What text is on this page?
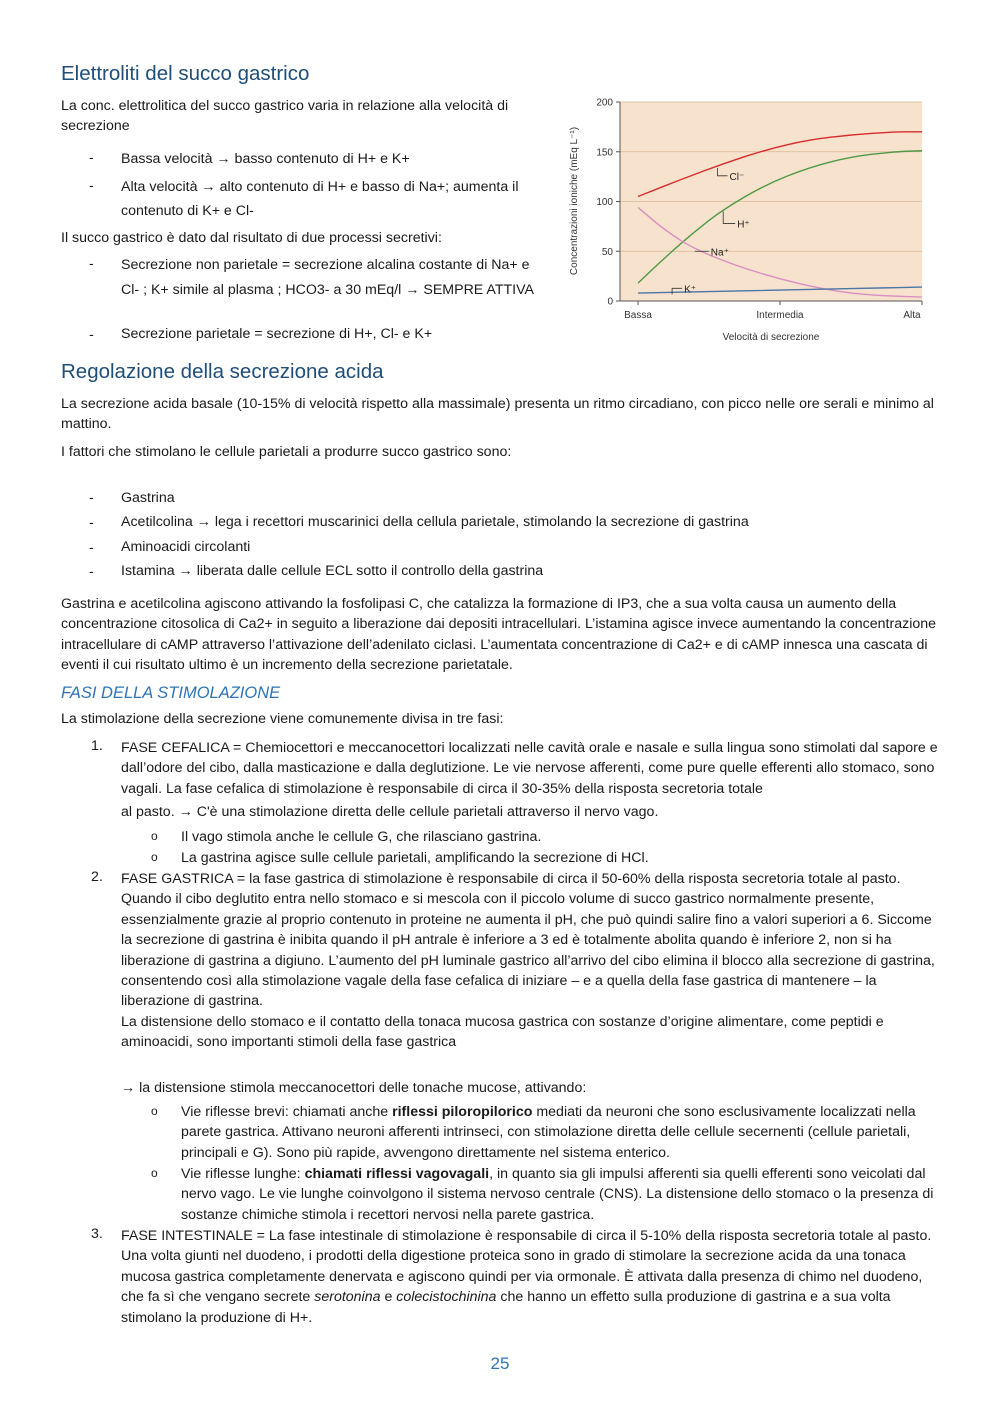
Elettroliti del succo gastrico

La conc. elettrolitica del succo gastrico varia in relazione alla velocità di secrezione

- Bassa velocità → basso contenuto di H+ e K+

- Alta velocità → alto contenuto di H+ e basso di Na+; aumenta il contenuto di K+ e Cl-

Il succo gastrico è dato dal risultato di due processi secretivi:

- Secrezione non parietale = secrezione alcalina costante di Na+ e Cl- ; K+ simile al plasma ; HCO3- a 30 mEq/l → SEMPRE ATTIVA

- Secrezione parietale = secrezione di H+, Cl- e K+

Regolazione della secrezione acida

La secrezione acida basale (10-15% di velocità rispetto alla massimale) presenta un ritmo circadiano, con picco nelle ore serali e minimo al mattino.

I fattori che stimolano le cellule parietali a produrre succo gastrico sono:

- Gastrina

- Acetilcolina → lega i recettori muscarinici della cellula parietale, stimolando la secrezione di gastrina

- Aminoacidi circolanti

- Istamina → liberata dalle cellule ECL sotto il controllo della gastrina

Gastrina e acetilcolina agiscono attivando la fosfolipasi C, che catalizza la formazione di IP3, che a sua volta causa un aumento della concentrazione citosolica di Ca2+ in seguito a liberazione dai depositi intracellulari. L’istamina agisce invece aumentando la concentrazione intracellulare di cAMP attraverso l’attivazione dell’adenilato ciclasi. L’aumentata concentrazione di Ca2+ e di cAMP innesca una cascata di eventi il cui risultato ultimo è un incremento della secrezione parietatale.

FASI DELLA STIMOLAZIONE

La stimolazione della secrezione viene comunemente divisa in tre fasi:

1. FASE CEFALICA = Chemiocettori e meccanocettori localizzati nelle cavità orale e nasale e sulla lingua sono stimolati dal sapore e dall’odore del cibo, dalla masticazione e dalla deglutizione. Le vie nervose afferenti, come pure quelle efferenti allo stomaco, sono vagali. La fase cefalica di stimolazione è responsabile di circa il 30-35% della risposta secretoria totale

al pasto. → C'è una stimolazione diretta delle cellule parietali attraverso il nervo vago.

o Il vago stimola anche le cellule G, che rilasciano gastrina.

o La gastrina agisce sulle cellule parietali, amplificando la secrezione di HCl.

2. FASE GASTRICA = la fase gastrica di stimolazione è responsabile di circa il 50-60% della risposta secretoria totale al pasto. Quando il cibo deglutito entra nello stomaco e si mescola con il piccolo volume di succo gastrico normalmente presente, essenzialmente grazie al proprio contenuto in proteine ne aumenta il pH, che può quindi salire fino a valori superiori a 6. Siccome la secrezione di gastrina è inibita quando il pH antrale è inferiore a 3 ed è totalmente abolita quando è inferiore 2, non si ha liberazione di gastrina a digiuno. L’aumento del pH luminale gastrico all’arrivo del cibo elimina il blocco alla secrezione di gastrina, consentendo così alla stimolazione vagale della fase cefalica di iniziare – e a quella della fase gastrica di mantenere – la liberazione di gastrina.

La distensione dello stomaco e il contatto della tonaca mucosa gastrica con sostanze d’origine alimentare, come peptidi e aminoacidi, sono importanti stimoli della fase gastrica

→ la distensione stimola meccanocettori delle tonache mucose, attivando:

o Vie riflesse brevi: chiamati anche riflessi piloropilorico mediati da neuroni che sono esclusivamente localizzati nella parete gastrica. Attivano neuroni afferenti intrinseci, con stimolazione diretta delle cellule secernenti (cellule parietali, principali e G). Sono più rapide, avvengono direttamente nel sistema enterico.

o Vie riflesse lunghe: chiamati riflessi vagovagali, in quanto sia gli impulsi afferenti sia quelli efferenti sono veicolati dal nervo vago. Le vie lunghe coinvolgono il sistema nervoso centrale (CNS). La distensione dello stomaco o la presenza di sostanze chimiche stimola i recettori nervosi nella parete gastrica.

3. FASE INTESTINALE = La fase intestinale di stimolazione è responsabile di circa il 5-10% della risposta secretoria totale al pasto. Una volta giunti nel duodeno, i prodotti della digestione proteica sono in grado di stimolare la secrezione acida da una tonaca mucosa gastrica completamente denervata e agiscono quindi per via ormonale. È attivata dalla presenza di chimo nel duodeno, che fa sì che vengano secrete serotonina e colecistochinina che hanno un effetto sulla produzione di gastrina e a sua volta stimolano la produzione di H+.

0
50
100
150
200
Bassa	Intermedia	Alta
Cl⁻
H⁺
Na⁺
K⁺
Concentrazioni ioniche (mEq L⁻¹)
Velocità di secrezione
25
